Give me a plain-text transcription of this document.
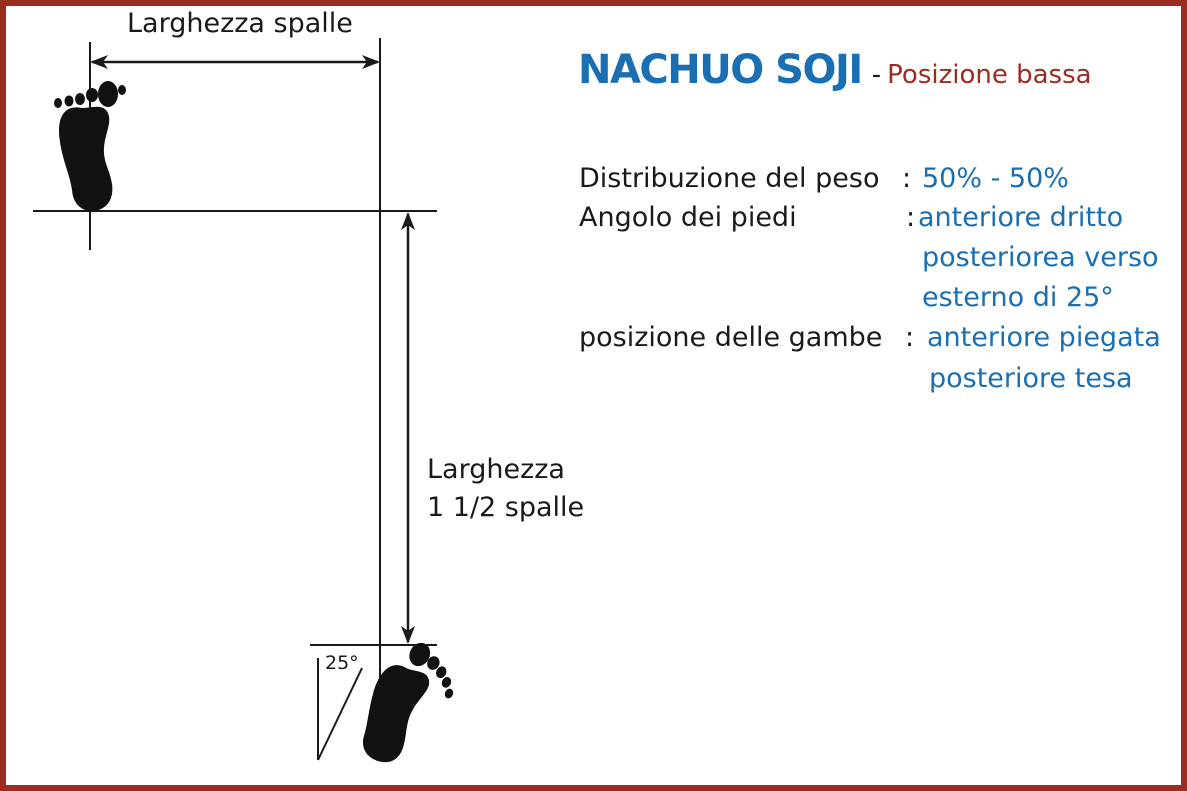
Larghezza spalle
Larghezza
1 1/2 spalle
25°
NACHUO SOJI - Posizione bassa
Distribuzione del peso : 50% - 50%
Angolo dei piedi	: anteriore dritto
posteriorea verso
esterno di 25°
posizione delle gambe : anteriore piegata
posteriore tesa
